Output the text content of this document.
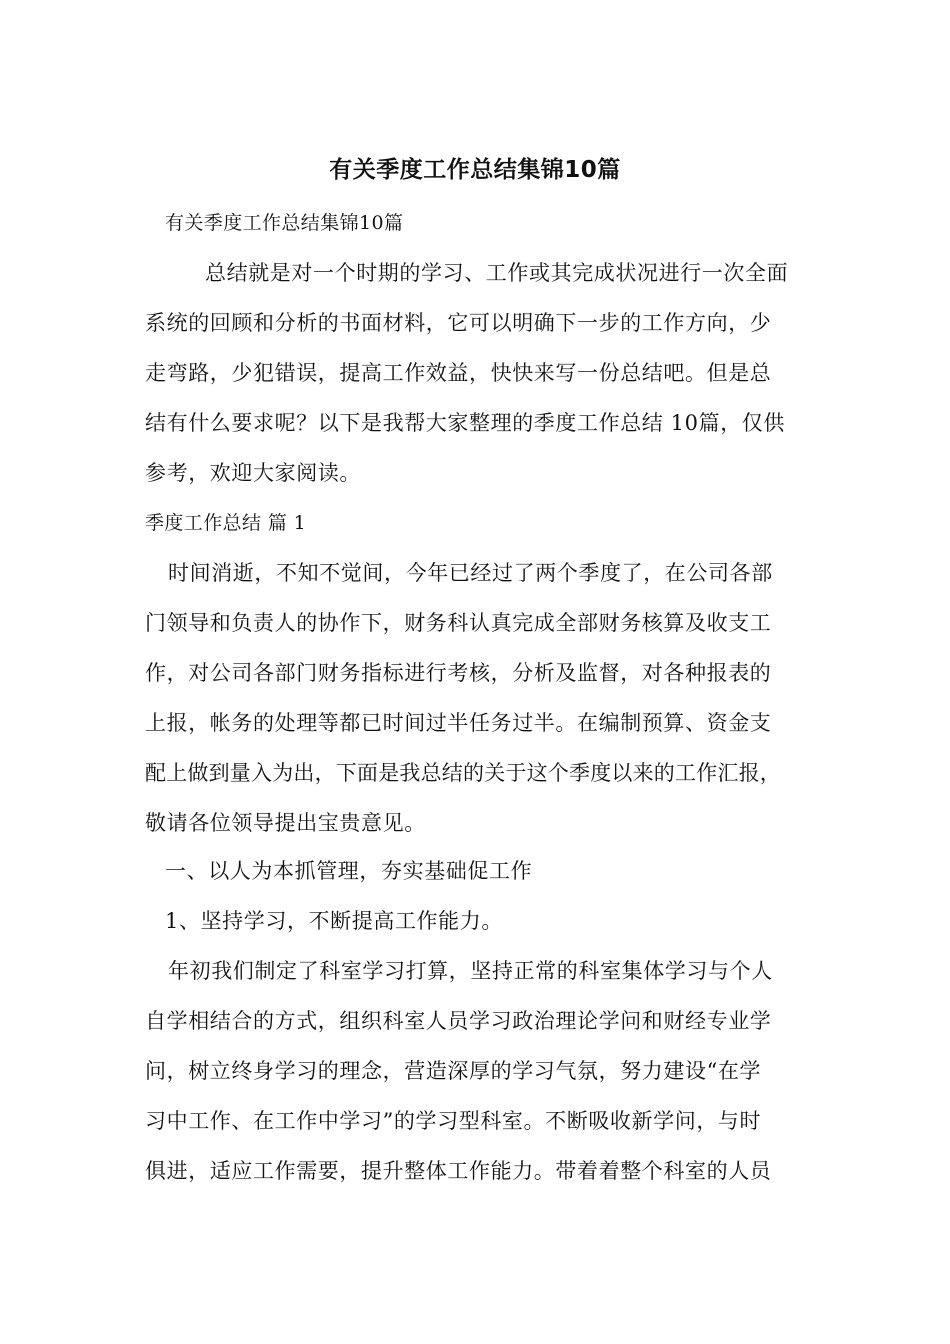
有关季度工作总结集锦10篇
有关季度工作总结集锦10篇
总结就是对一个时期的学习、工作或其完成状况进行一次全面
系统的回顾和分析的书面材料，它可以明确下一步的工作方向，少
走弯路，少犯错误，提高工作效益，快快来写一份总结吧。但是总
结有什么要求呢？以下是我帮大家整理的季度工作总结 10篇，仅供
参考，欢迎大家阅读。
季度工作总结 篇 1
时间消逝，不知不觉间，今年已经过了两个季度了，在公司各部
门领导和负责人的协作下，财务科认真完成全部财务核算及收支工
作，对公司各部门财务指标进行考核，分析及监督，对各种报表的
上报，帐务的处理等都已时间过半任务过半。在编制预算、资金支
配上做到量入为出，下面是我总结的关于这个季度以来的工作汇报，
敬请各位领导提出宝贵意见。
一、以人为本抓管理，夯实基础促工作
1、坚持学习，不断提高工作能力。
年初我们制定了科室学习打算，坚持正常的科室集体学习与个人
自学相结合的方式，组织科室人员学习政治理论学问和财经专业学
问，树立终身学习的理念，营造深厚的学习气氛，努力建设“在学
习中工作、在工作中学习”的学习型科室。不断吸收新学问，与时
俱进，适应工作需要，提升整体工作能力。带着着整个科室的人员
